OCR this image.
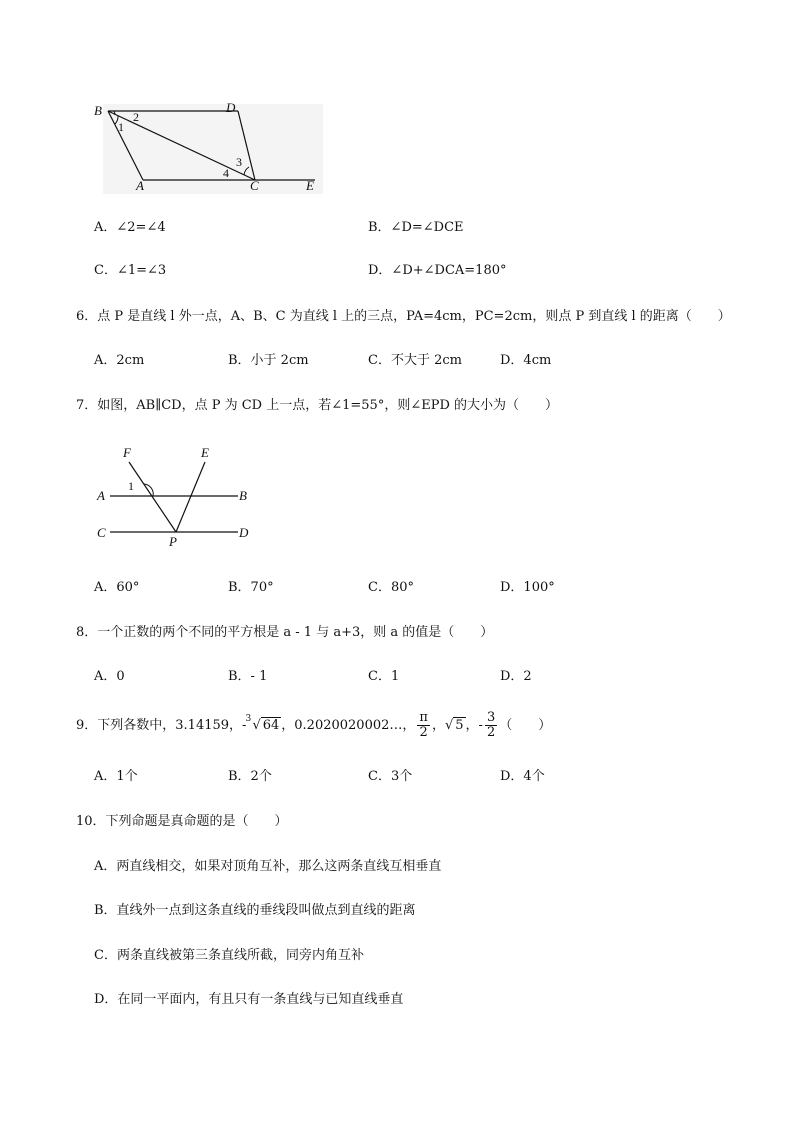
B	D
A	C	E
1
2
3
4
A．∠2=∠4	B．∠D=∠DCE
C．∠1=∠3	D．∠D+∠DCA=180°
6．点 P 是直线 l 外一点，A、B、C 为直线 l 上的三点，PA=4cm，PC=2cm，则点 P 到直线 l 的距离（　　）
A．2cm	B．小于 2cm	C．不大于 2cm	D．4cm
7．如图，AB∥CD，点 P 为 CD 上一点，若∠1=55°，则∠EPD 的大小为（　　）
F	E
A	B
C	D
P
1
A．60°	B．70°	C．80°	D．100°
8．一个正数的两个不同的平方根是 a - 1 与 a+3，则 a 的值是（　　）
A．0	B．- 1	C．1	D．2
9．下列各数中，3.14159，- 3 √ 64 ，0.2020020002…， $\frac{\pi}{2}$ ，√ 5 ，- $\frac{3}{2}$ （　　）
A．1个	B．2个	C．3个	D．4个
10．下列命题是真命题的是（　　）
A．两直线相交，如果对顶角互补，那么这两条直线互相垂直
B．直线外一点到这条直线的垂线段叫做点到直线的距离
C．两条直线被第三条直线所截，同旁内角互补
D．在同一平面内，有且只有一条直线与已知直线垂直
